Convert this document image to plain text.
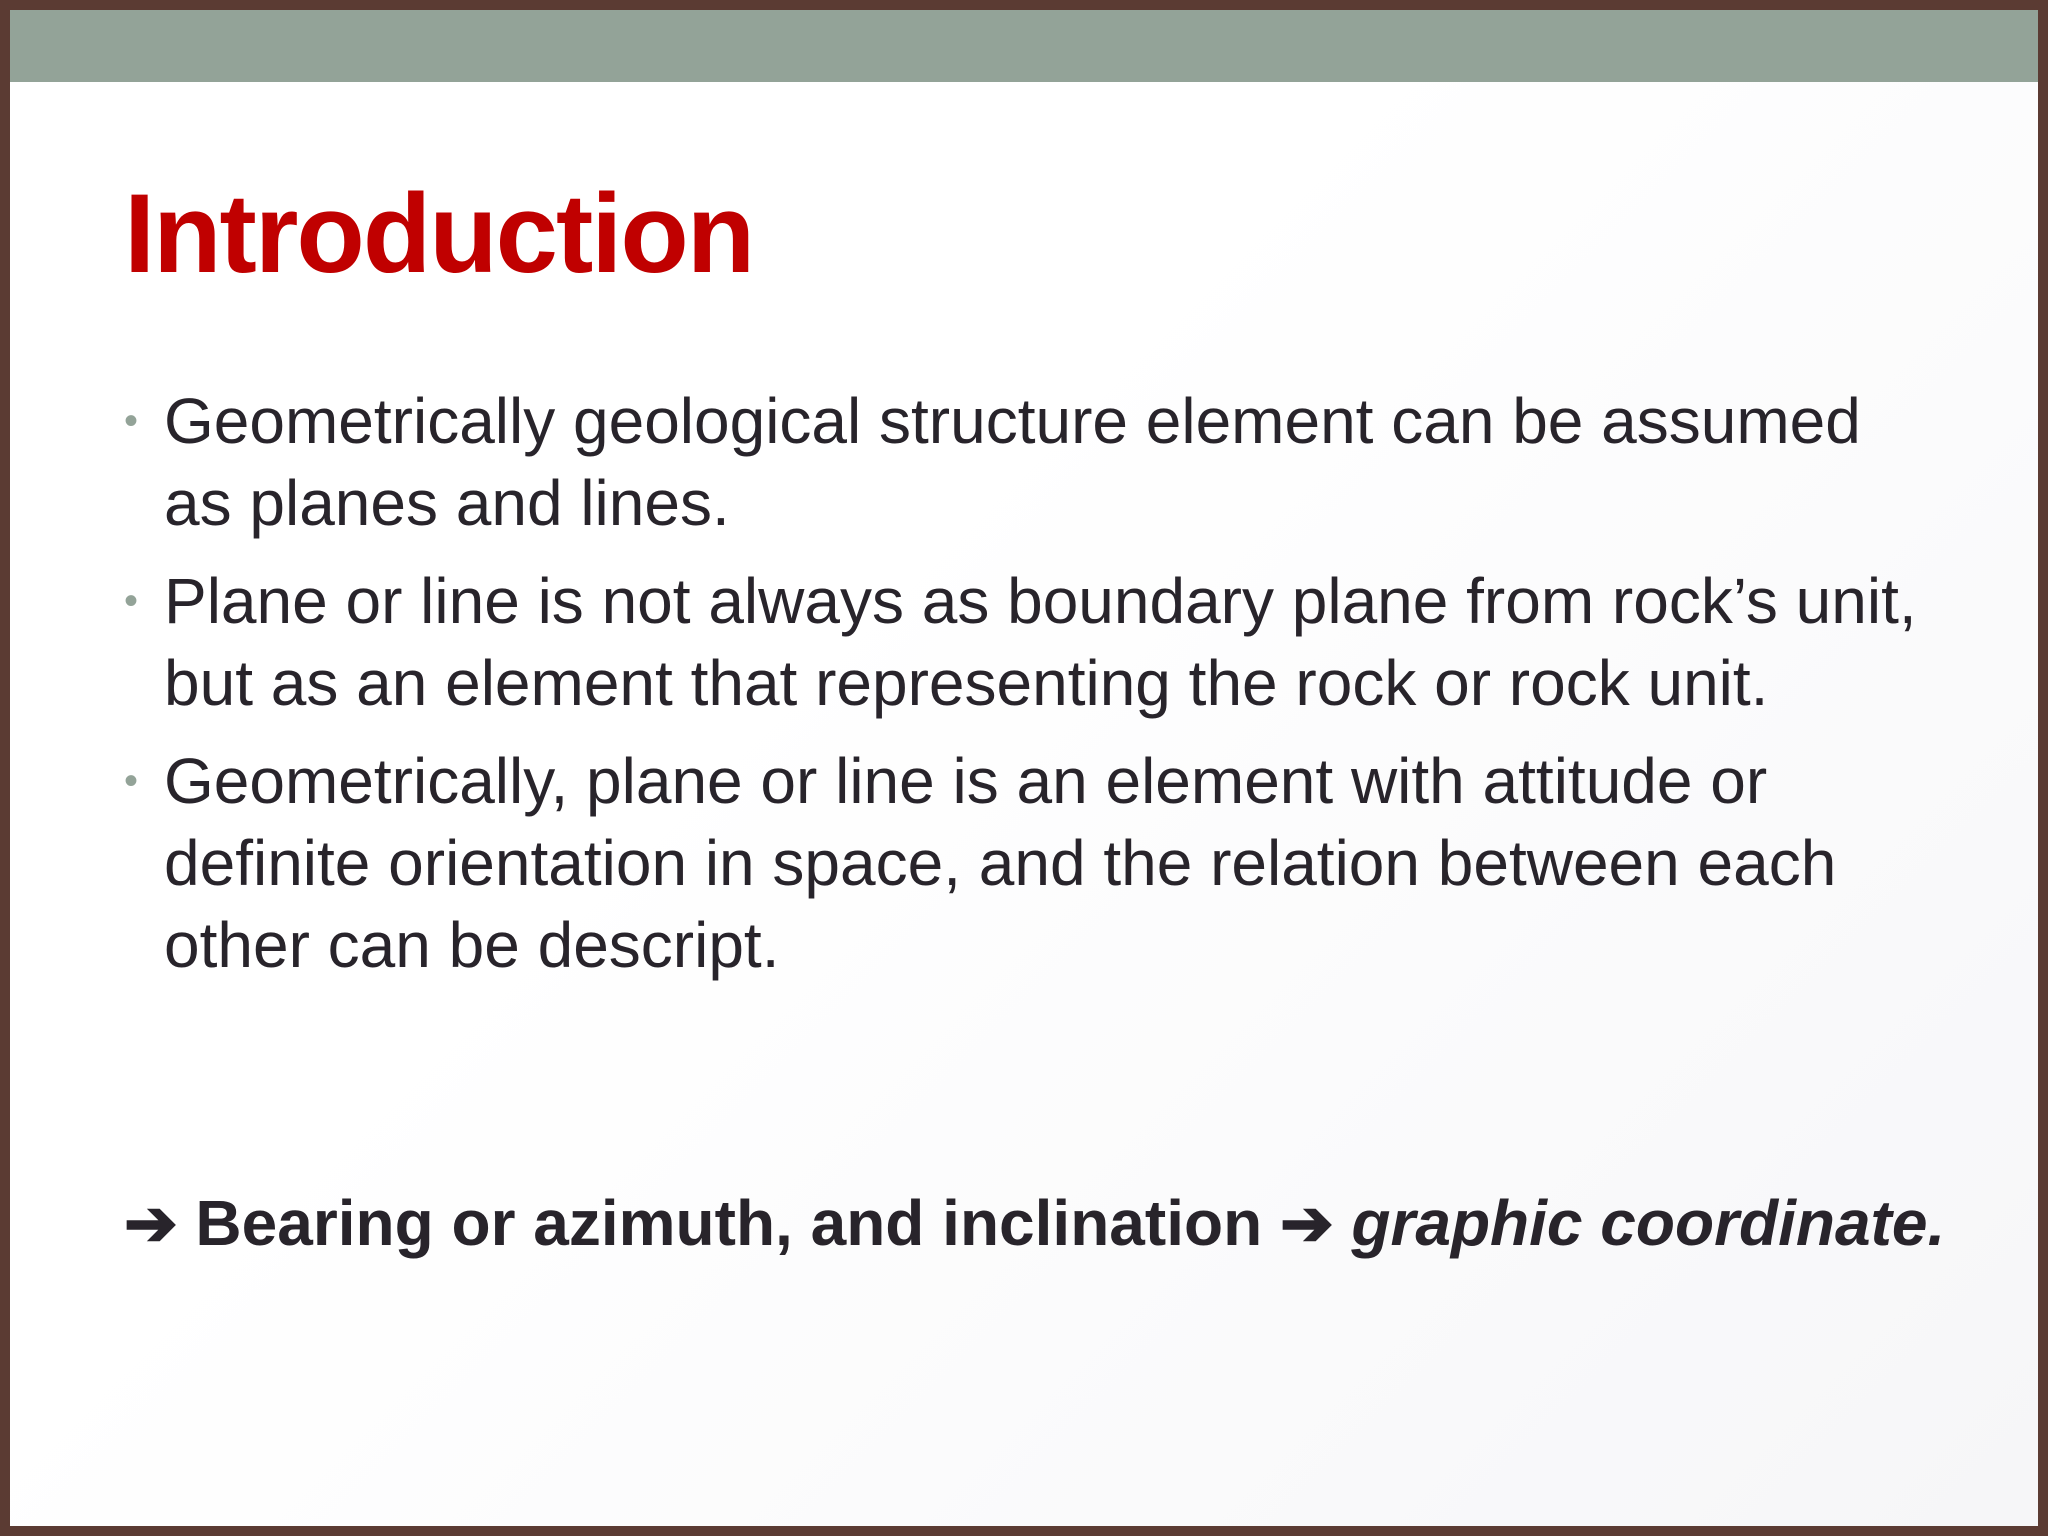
Introduction
• Geometrically geological structure element can be assumed as planes and lines.
• Plane or line is not always as boundary plane from rock’s unit, but as an element that representing the rock or rock unit.
• Geometrically, plane or line is an element with attitude or definite orientation in space, and the relation between each other can be descript.

➔ Bearing or azimuth, and inclination ➔ graphic coordinate.
